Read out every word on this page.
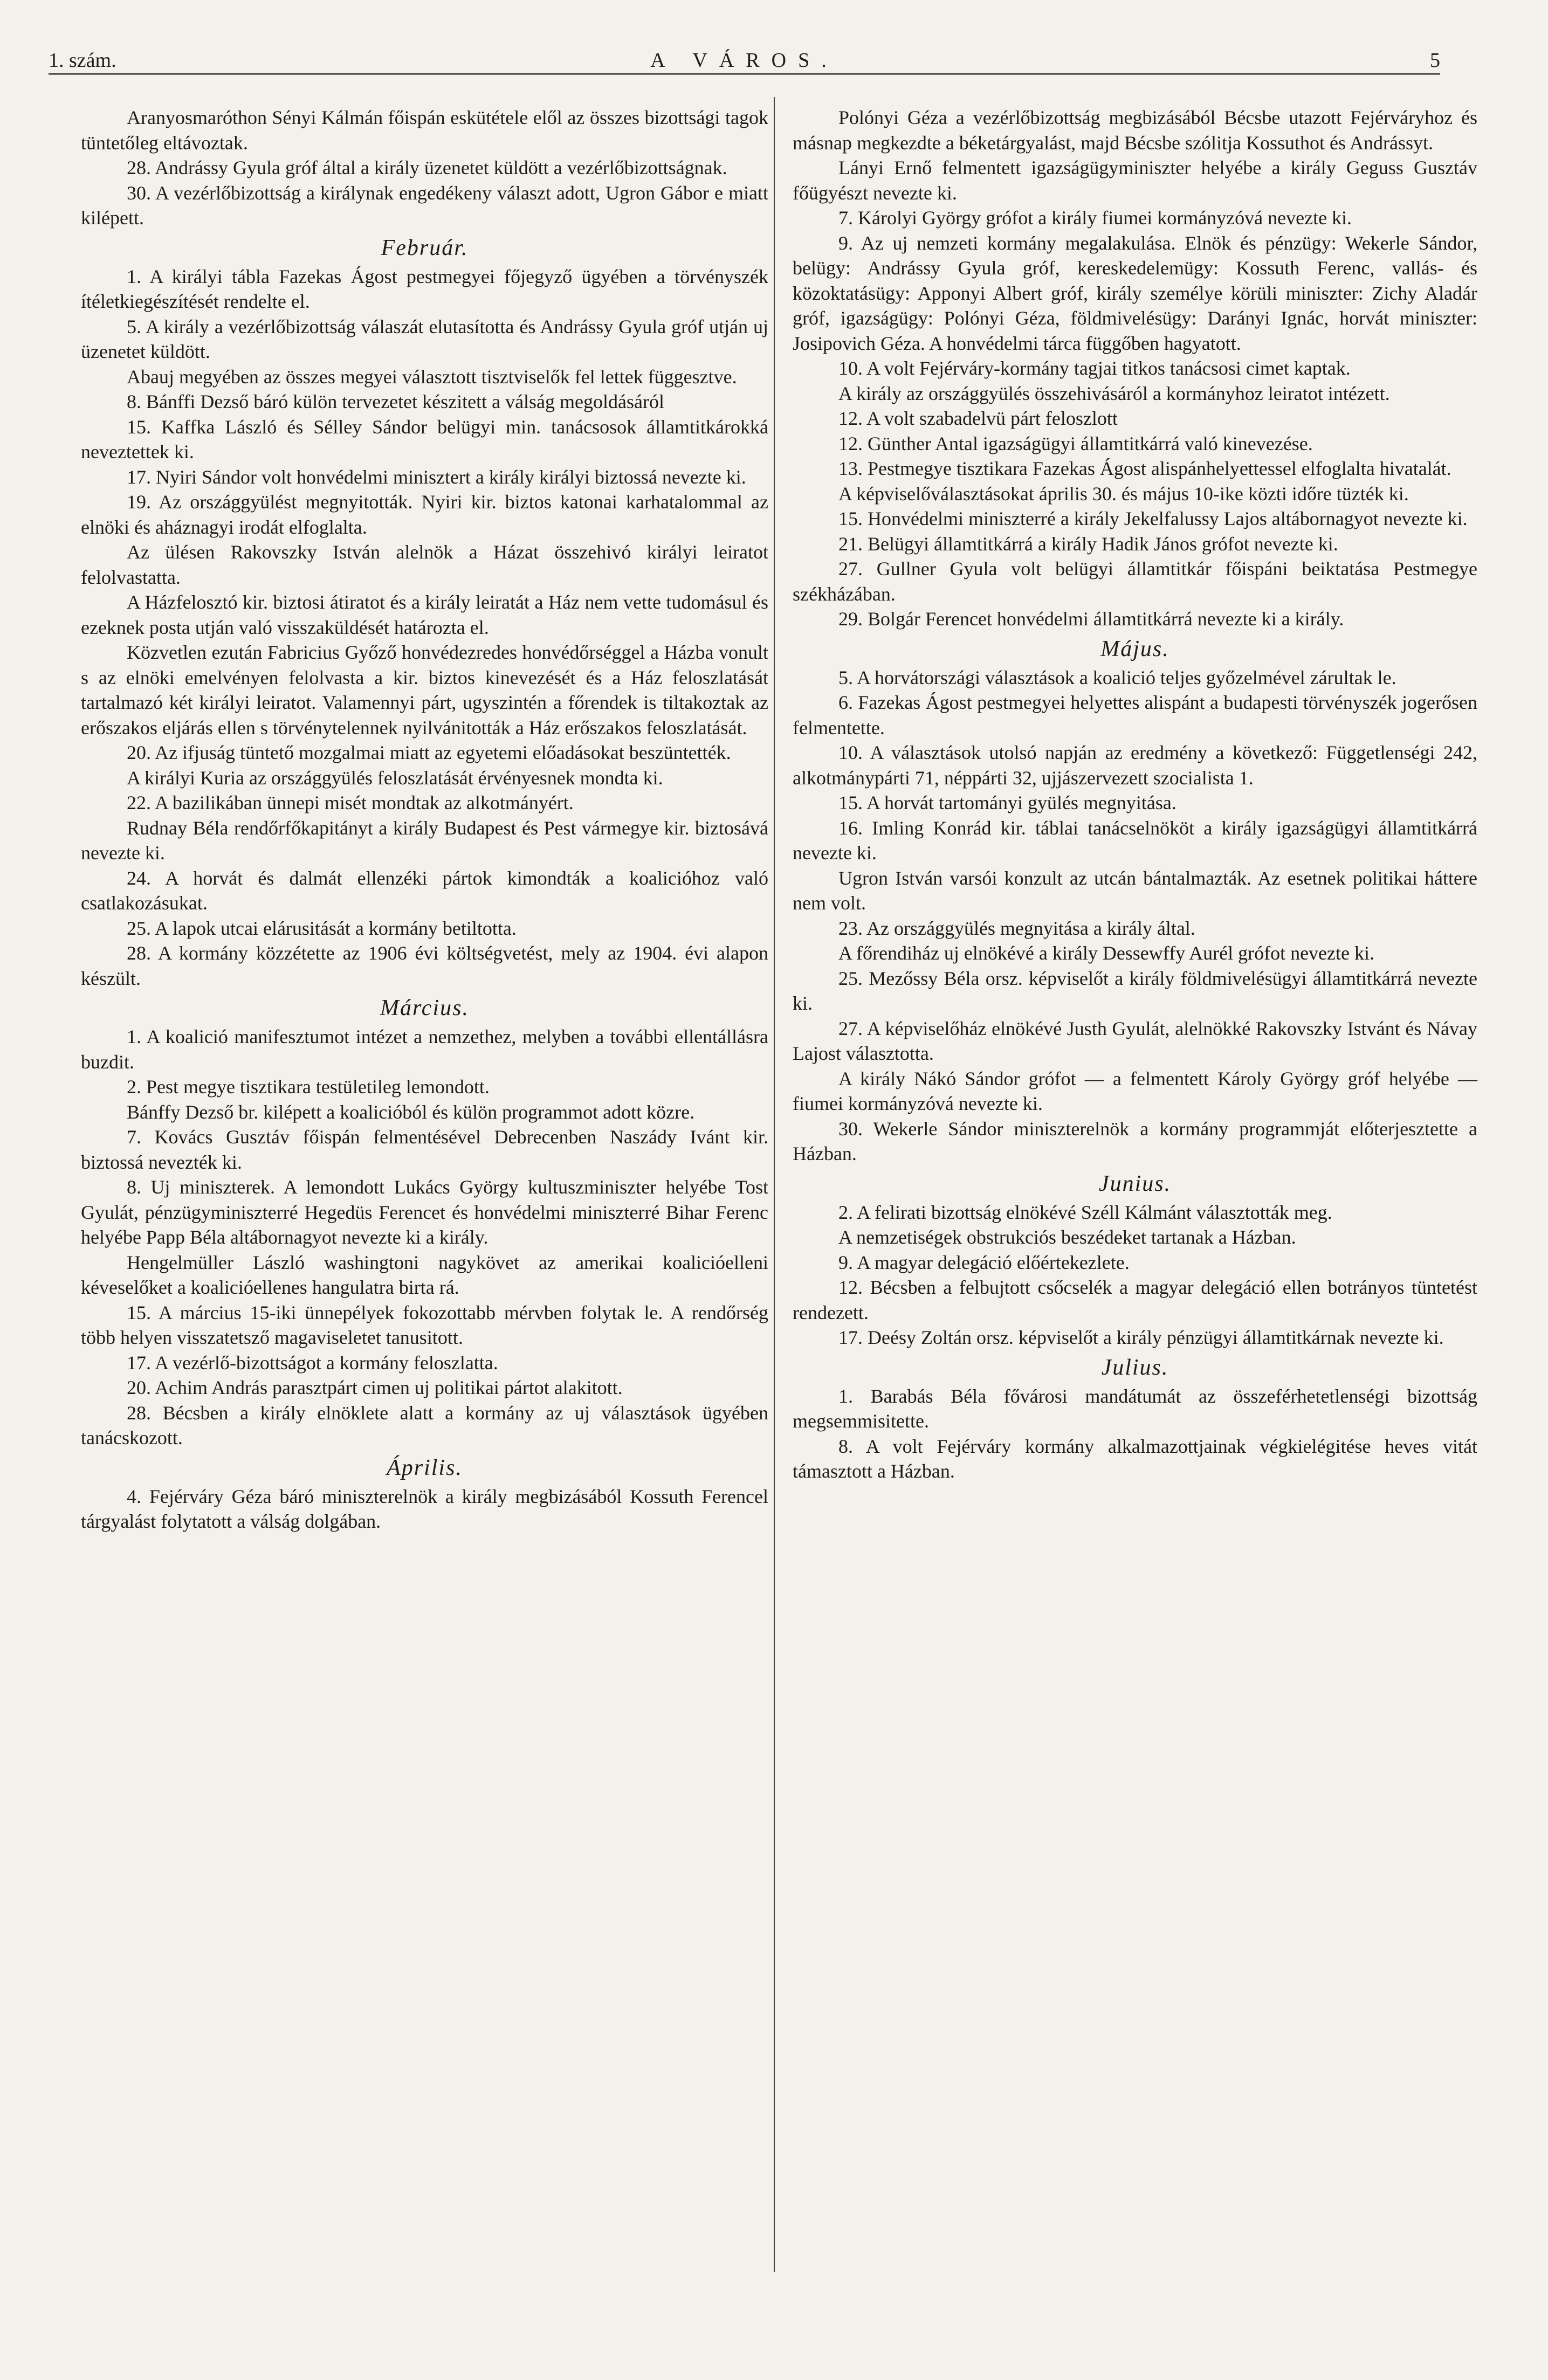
1. szám.	A VÁROS.	5

Aranyosmaróthon Sényi Kálmán főispán eskütétele elől az összes bizottsági tagok tüntetőleg eltávoztak.

28. Andrássy Gyula gróf által a király üzenetet küldött a vezérlőbizottságnak.

30. A vezérlőbizottság a királynak engedékeny választ adott, Ugron Gábor e miatt kilépett.

Február.

1. A királyi tábla Fazekas Ágost pestmegyei főjegyző ügyében a törvényszék ítéletkiegészítését rendelte el.

5. A király a vezérlőbizottság válaszát elutasította és Andrássy Gyula gróf utján uj üzenetet küldött.

Abauj megyében az összes megyei választott tisztviselők fel lettek függesztve.

8. Bánffi Dezső báró külön tervezetet készitett a válság megoldásáról

15. Kaffka László és Sélley Sándor belügyi min. tanácsosok államtitkárokká neveztettek ki.

17. Nyiri Sándor volt honvédelmi minisztert a király királyi biztossá nevezte ki.

19. Az országgyülést megnyitották. Nyiri kir. biztos katonai karhatalommal az elnöki és aháznagyi irodát elfoglalta.

Az ülésen Rakovszky István alelnök a Házat összehivó királyi leiratot felolvastatta.

A Házfelosztó kir. biztosi átiratot és a király leiratát a Ház nem vette tudomásul és ezeknek posta utján való visszaküldését határozta el.

Közvetlen ezután Fabricius Győző honvédezredes honvédőrséggel a Házba vonult s az elnöki emelvényen felolvasta a kir. biztos kinevezését és a Ház feloszlatását tartalmazó két királyi leiratot. Valamennyi párt, ugyszintén a főrendek is tiltakoztak az erőszakos eljárás ellen s törvénytelennek nyilvánitották a Ház erőszakos feloszlatását.

20. Az ifjuság tüntető mozgalmai miatt az egyetemi előadásokat beszüntették.

A királyi Kuria az országgyülés feloszlatását érvényesnek mondta ki.

22. A bazilikában ünnepi misét mondtak az alkotmányért.

Rudnay Béla rendőrfőkapitányt a király Budapest és Pest vármegye kir. biztosává nevezte ki.

24. A horvát és dalmát ellenzéki pártok kimondták a koalicióhoz való csatlakozásukat.

25. A lapok utcai elárusitását a kormány betiltotta.

28. A kormány közzétette az 1906 évi költségvetést, mely az 1904. évi alapon készült.

Március.

1. A koalició manifesztumot intézet a nemzethez, melyben a további ellentállásra buzdit.

2. Pest megye tisztikara testületileg lemondott.

Bánffy Dezső br. kilépett a koalicióból és külön programmot adott közre.

7. Kovács Gusztáv főispán felmentésével Debrecenben Naszády Ivánt kir. biztossá nevezték ki.

8. Uj miniszterek. A lemondott Lukács György kultuszminiszter helyébe Tost Gyulát, pénzügyminiszterré Hegedüs Ferencet és honvédelmi miniszterré Bihar Ferenc helyébe Papp Béla altábornagyot nevezte ki a király.

Hengelmüller László washingtoni nagykövet az amerikai koalicióelleni kéveselőket a koalicióellenes hangulatra birta rá.

15. A március 15-iki ünnepélyek fokozottabb mérvben folytak le. A rendőrség több helyen visszatetsző magaviseletet tanusitott.

17. A vezérlő-bizottságot a kormány feloszlatta.

20. Achim András parasztpárt cimen uj politikai pártot alakitott.

28. Bécsben a király elnöklete alatt a kormány az uj választások ügyében tanácskozott.

Április.

4. Fejérváry Géza báró miniszterelnök a király megbizásából Kossuth Ferencel tárgyalást folytatott a válság dolgában.

Polónyi Géza a vezérlőbizottság megbizásából Bécsbe utazott Fejérváryhoz és másnap megkezdte a béketárgyalást, majd Bécsbe szólitja Kossuthot és Andrássyt.

Lányi Ernő felmentett igazságügyminiszter helyébe a király Geguss Gusztáv főügyészt nevezte ki.

7. Károlyi György grófot a király fiumei kormányzóvá nevezte ki.

9. Az uj nemzeti kormány megalakulása. Elnök és pénzügy: Wekerle Sándor, belügy: Andrássy Gyula gróf, kereskedelemügy: Kossuth Ferenc, vallás- és közoktatásügy: Apponyi Albert gróf, király személye körüli miniszter: Zichy Aladár gróf, igazságügy: Polónyi Géza, földmivelésügy: Darányi Ignác, horvát miniszter: Josipovich Géza. A honvédelmi tárca függőben hagyatott.

10. A volt Fejérváry-kormány tagjai titkos tanácsosi cimet kaptak.

A király az országgyülés összehivásáról a kormányhoz leiratot intézett.

12. A volt szabadelvü párt feloszlott

12. Günther Antal igazságügyi államtitkárrá való kinevezése.

13. Pestmegye tisztikara Fazekas Ágost alispánhelyettessel elfoglalta hivatalát.

A képviselőválasztásokat április 30. és május 10-ike közti időre tüzték ki.

15. Honvédelmi miniszterré a király Jekelfalussy Lajos altábornagyot nevezte ki.

21. Belügyi államtitkárrá a király Hadik János grófot nevezte ki.

27. Gullner Gyula volt belügyi államtitkár főispáni beiktatása Pestmegye székházában.

29. Bolgár Ferencet honvédelmi államtitkárrá nevezte ki a király.

Május.

5. A horvátországi választások a koalició teljes győzelmével zárultak le.

6. Fazekas Ágost pestmegyei helyettes alispánt a budapesti törvényszék jogerősen felmentette.

10. A választások utolsó napján az eredmény a következő: Függetlenségi 242, alkotmánypárti 71, néppárti 32, ujjászervezett szocialista 1.

15. A horvát tartományi gyülés megnyitása.

16. Imling Konrád kir. táblai tanácselnököt a király igazságügyi államtitkárrá nevezte ki.

Ugron István varsói konzult az utcán bántalmazták. Az esetnek politikai háttere nem volt.

23. Az országgyülés megnyitása a király által.

A főrendiház uj elnökévé a király Dessewffy Aurél grófot nevezte ki.

25. Mezőssy Béla orsz. képviselőt a király földmivelésügyi államtitkárrá nevezte ki.

27. A képviselőház elnökévé Justh Gyulát, alelnökké Rakovszky Istvánt és Návay Lajost választotta.

A király Nákó Sándor grófot — a felmentett Károly György gróf helyébe — fiumei kormányzóvá nevezte ki.

30. Wekerle Sándor miniszterelnök a kormány programmját előterjesztette a Házban.

Junius.

2. A felirati bizottság elnökévé Széll Kálmánt választották meg.

A nemzetiségek obstrukciós beszédeket tartanak a Házban.

9. A magyar delegáció előértekezlete.

12. Bécsben a felbujtott csőcselék a magyar delegáció ellen botrányos tüntetést rendezett.

17. Deésy Zoltán orsz. képviselőt a király pénzügyi államtitkárnak nevezte ki.

Julius.

1. Barabás Béla fővárosi mandátumát az összeférhetetlenségi bizottság megsemmisitette.

8. A volt Fejérváry kormány alkalmazottjainak végkielégitése heves vitát támasztott a Házban.
